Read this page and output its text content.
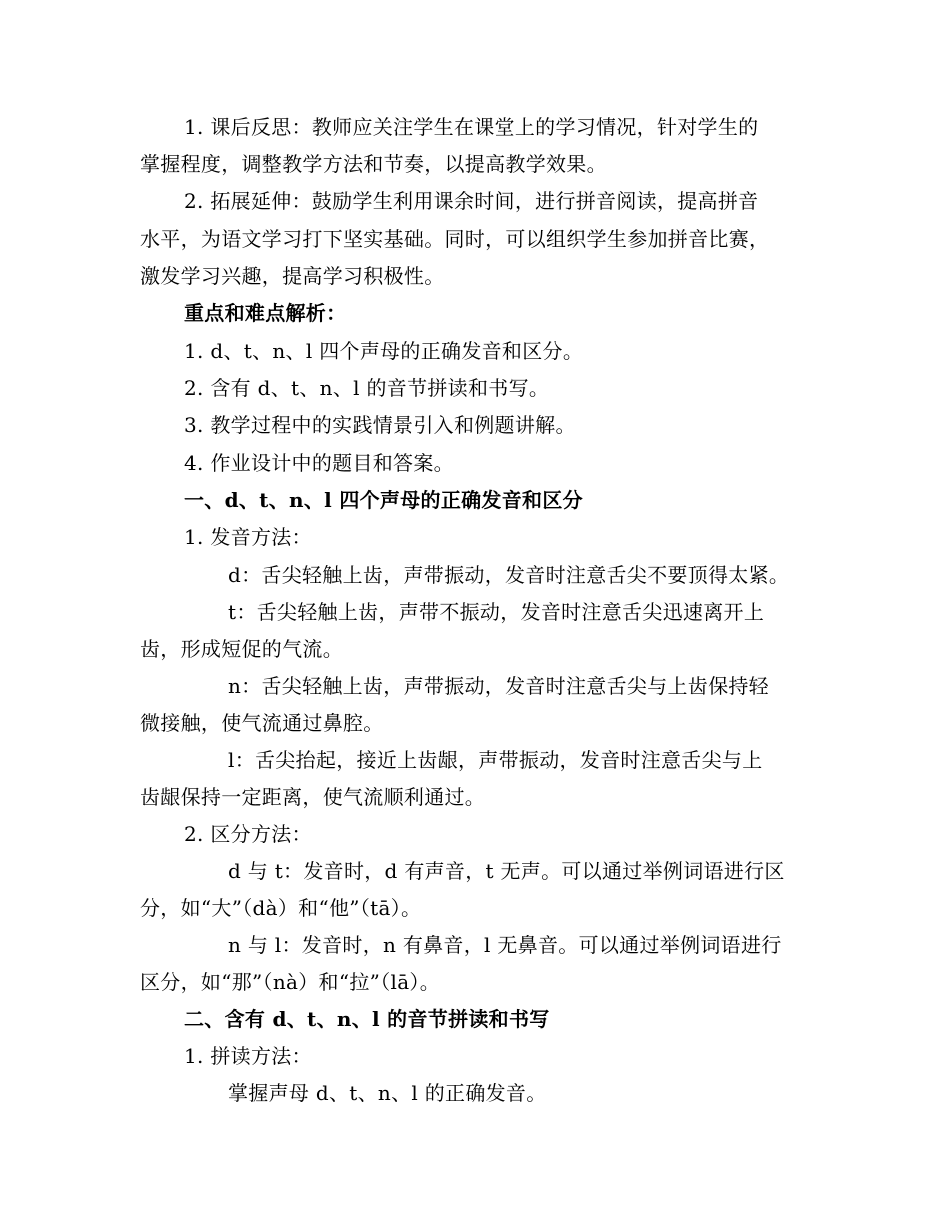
1. 课后反思：教师应关注学生在课堂上的学习情况，针对学生的
掌握程度，调整教学方法和节奏，以提高教学效果。
2. 拓展延伸：鼓励学生利用课余时间，进行拼音阅读，提高拼音
水平，为语文学习打下坚实基础。同时，可以组织学生参加拼音比赛，
激发学习兴趣，提高学习积极性。
重点和难点解析：
1. d、t、n、l 四个声母的正确发音和区分。
2. 含有 d、t、n、l 的音节拼读和书写。
3. 教学过程中的实践情景引入和例题讲解。
4. 作业设计中的题目和答案。
一、d、t、n、l 四个声母的正确发音和区分
1. 发音方法：
d：舌尖轻触上齿，声带振动，发音时注意舌尖不要顶得太紧。
t：舌尖轻触上齿，声带不振动，发音时注意舌尖迅速离开上
齿，形成短促的气流。
n：舌尖轻触上齿，声带振动，发音时注意舌尖与上齿保持轻
微接触，使气流通过鼻腔。
l：舌尖抬起，接近上齿龈，声带振动，发音时注意舌尖与上
齿龈保持一定距离，使气流顺利通过。
2. 区分方法：
d 与 t：发音时，d 有声音，t 无声。可以通过举例词语进行区
分，如“大”（dà）和“他”（tā）。
n 与 l：发音时，n 有鼻音，l 无鼻音。可以通过举例词语进行
区分，如“那”（nà）和“拉”（lā）。
二、含有 d、t、n、l 的音节拼读和书写
1. 拼读方法：
掌握声母 d、t、n、l 的正确发音。
